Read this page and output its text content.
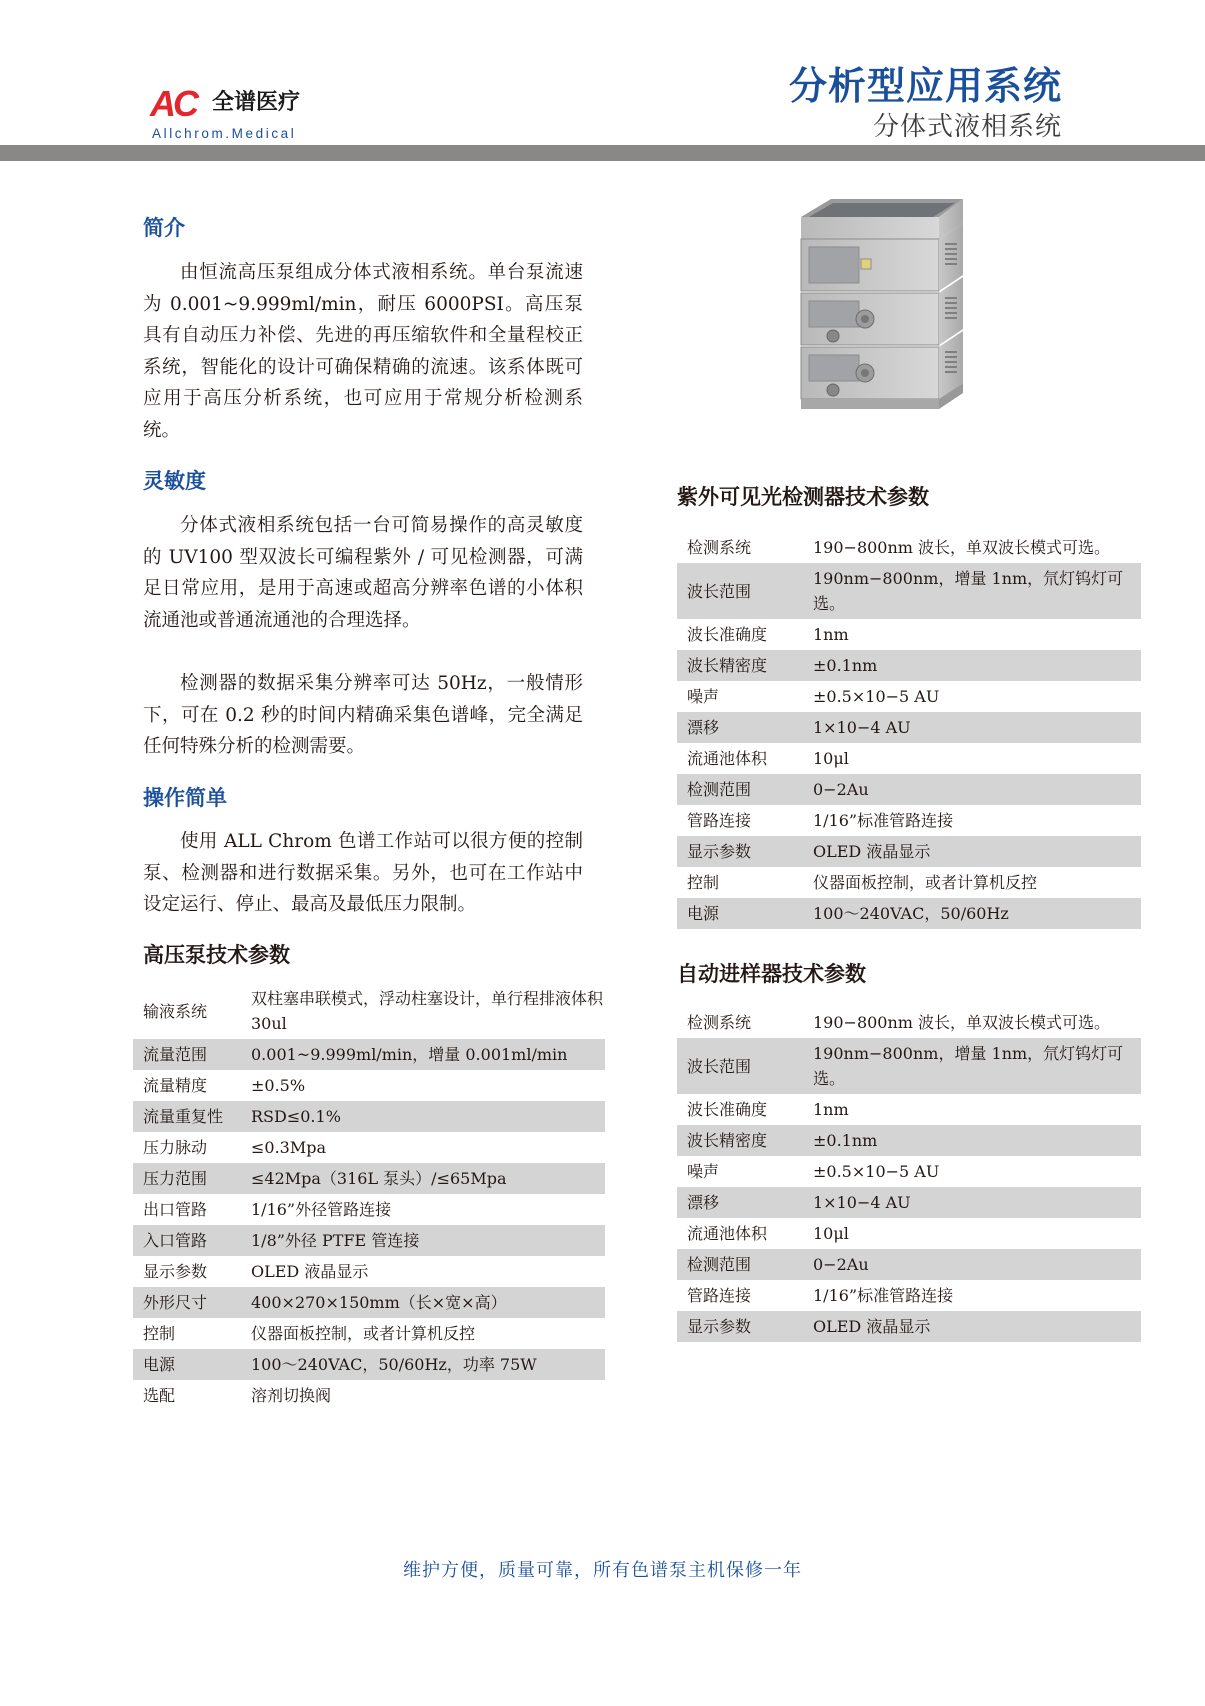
AC 全谱医疗
Allchrom.Medical
分析型应用系统
分体式液相系统
简介

由恒流高压泵组成分体式液相系统。单台泵流速为 0.001~9.999ml/min，耐压 6000PSI。高压泵具有自动压力补偿、先进的再压缩软件和全量程校正系统，智能化的设计可确保精确的流速。该系体既可应用于高压分析系统，也可应用于常规分析检测系统。

灵敏度

分体式液相系统包括一台可简易操作的高灵敏度的 UV100 型双波长可编程紫外 / 可见检测器，可满足日常应用，是用于高速或超高分辨率色谱的小体积流通池或普通流通池的合理选择。

检测器的数据采集分辨率可达 50Hz，一般情形下，可在 0.2 秒的时间内精确采集色谱峰，完全满足任何特殊分析的检测需要。

操作简单

使用 ALL Chrom 色谱工作站可以很方便的控制泵、检测器和进行数据采集。另外，也可在工作站中设定运行、停止、最高及最低压力限制。

高压泵技术参数
输液系统	双柱塞串联模式，浮动柱塞设计，单行程排液体积 30ul
流量范围	0.001~9.999ml/min，增量 0.001ml/min
流量精度	±0.5%
流量重复性	RSD≤0.1%
压力脉动	≤0.3Mpa
压力范围	≤42Mpa（316L 泵头）/≤65Mpa
出口管路	1/16”外径管路连接
入口管路	1/8”外径 PTFE 管连接
显示参数	OLED 液晶显示
外形尺寸	400×270×150mm（长×宽×高）
控制	仪器面板控制，或者计算机反控
电源	100～240VAC，50/60Hz，功率 75W
选配	溶剂切换阀
紫外可见光检测器技术参数
检测系统	190−800nm 波长，单双波长模式可选。
波长范围	190nm−800nm，增量 1nm，氘灯钨灯可选。
波长准确度	1nm
波长精密度	±0.1nm
噪声	±0.5×10−5 AU
漂移	1×10−4 AU
流通池体积	10μl
检测范围	0−2Au
管路连接	1/16”标准管路连接
显示参数	OLED 液晶显示
控制	仪器面板控制，或者计算机反控
电源	100～240VAC，50/60Hz
自动进样器技术参数
检测系统	190−800nm 波长，单双波长模式可选。
波长范围	190nm−800nm，增量 1nm，氘灯钨灯可选。
波长准确度	1nm
波长精密度	±0.1nm
噪声	±0.5×10−5 AU
漂移	1×10−4 AU
流通池体积	10μl
检测范围	0−2Au
管路连接	1/16”标准管路连接
显示参数	OLED 液晶显示
维护方便，质量可靠，所有色谱泵主机保修一年
